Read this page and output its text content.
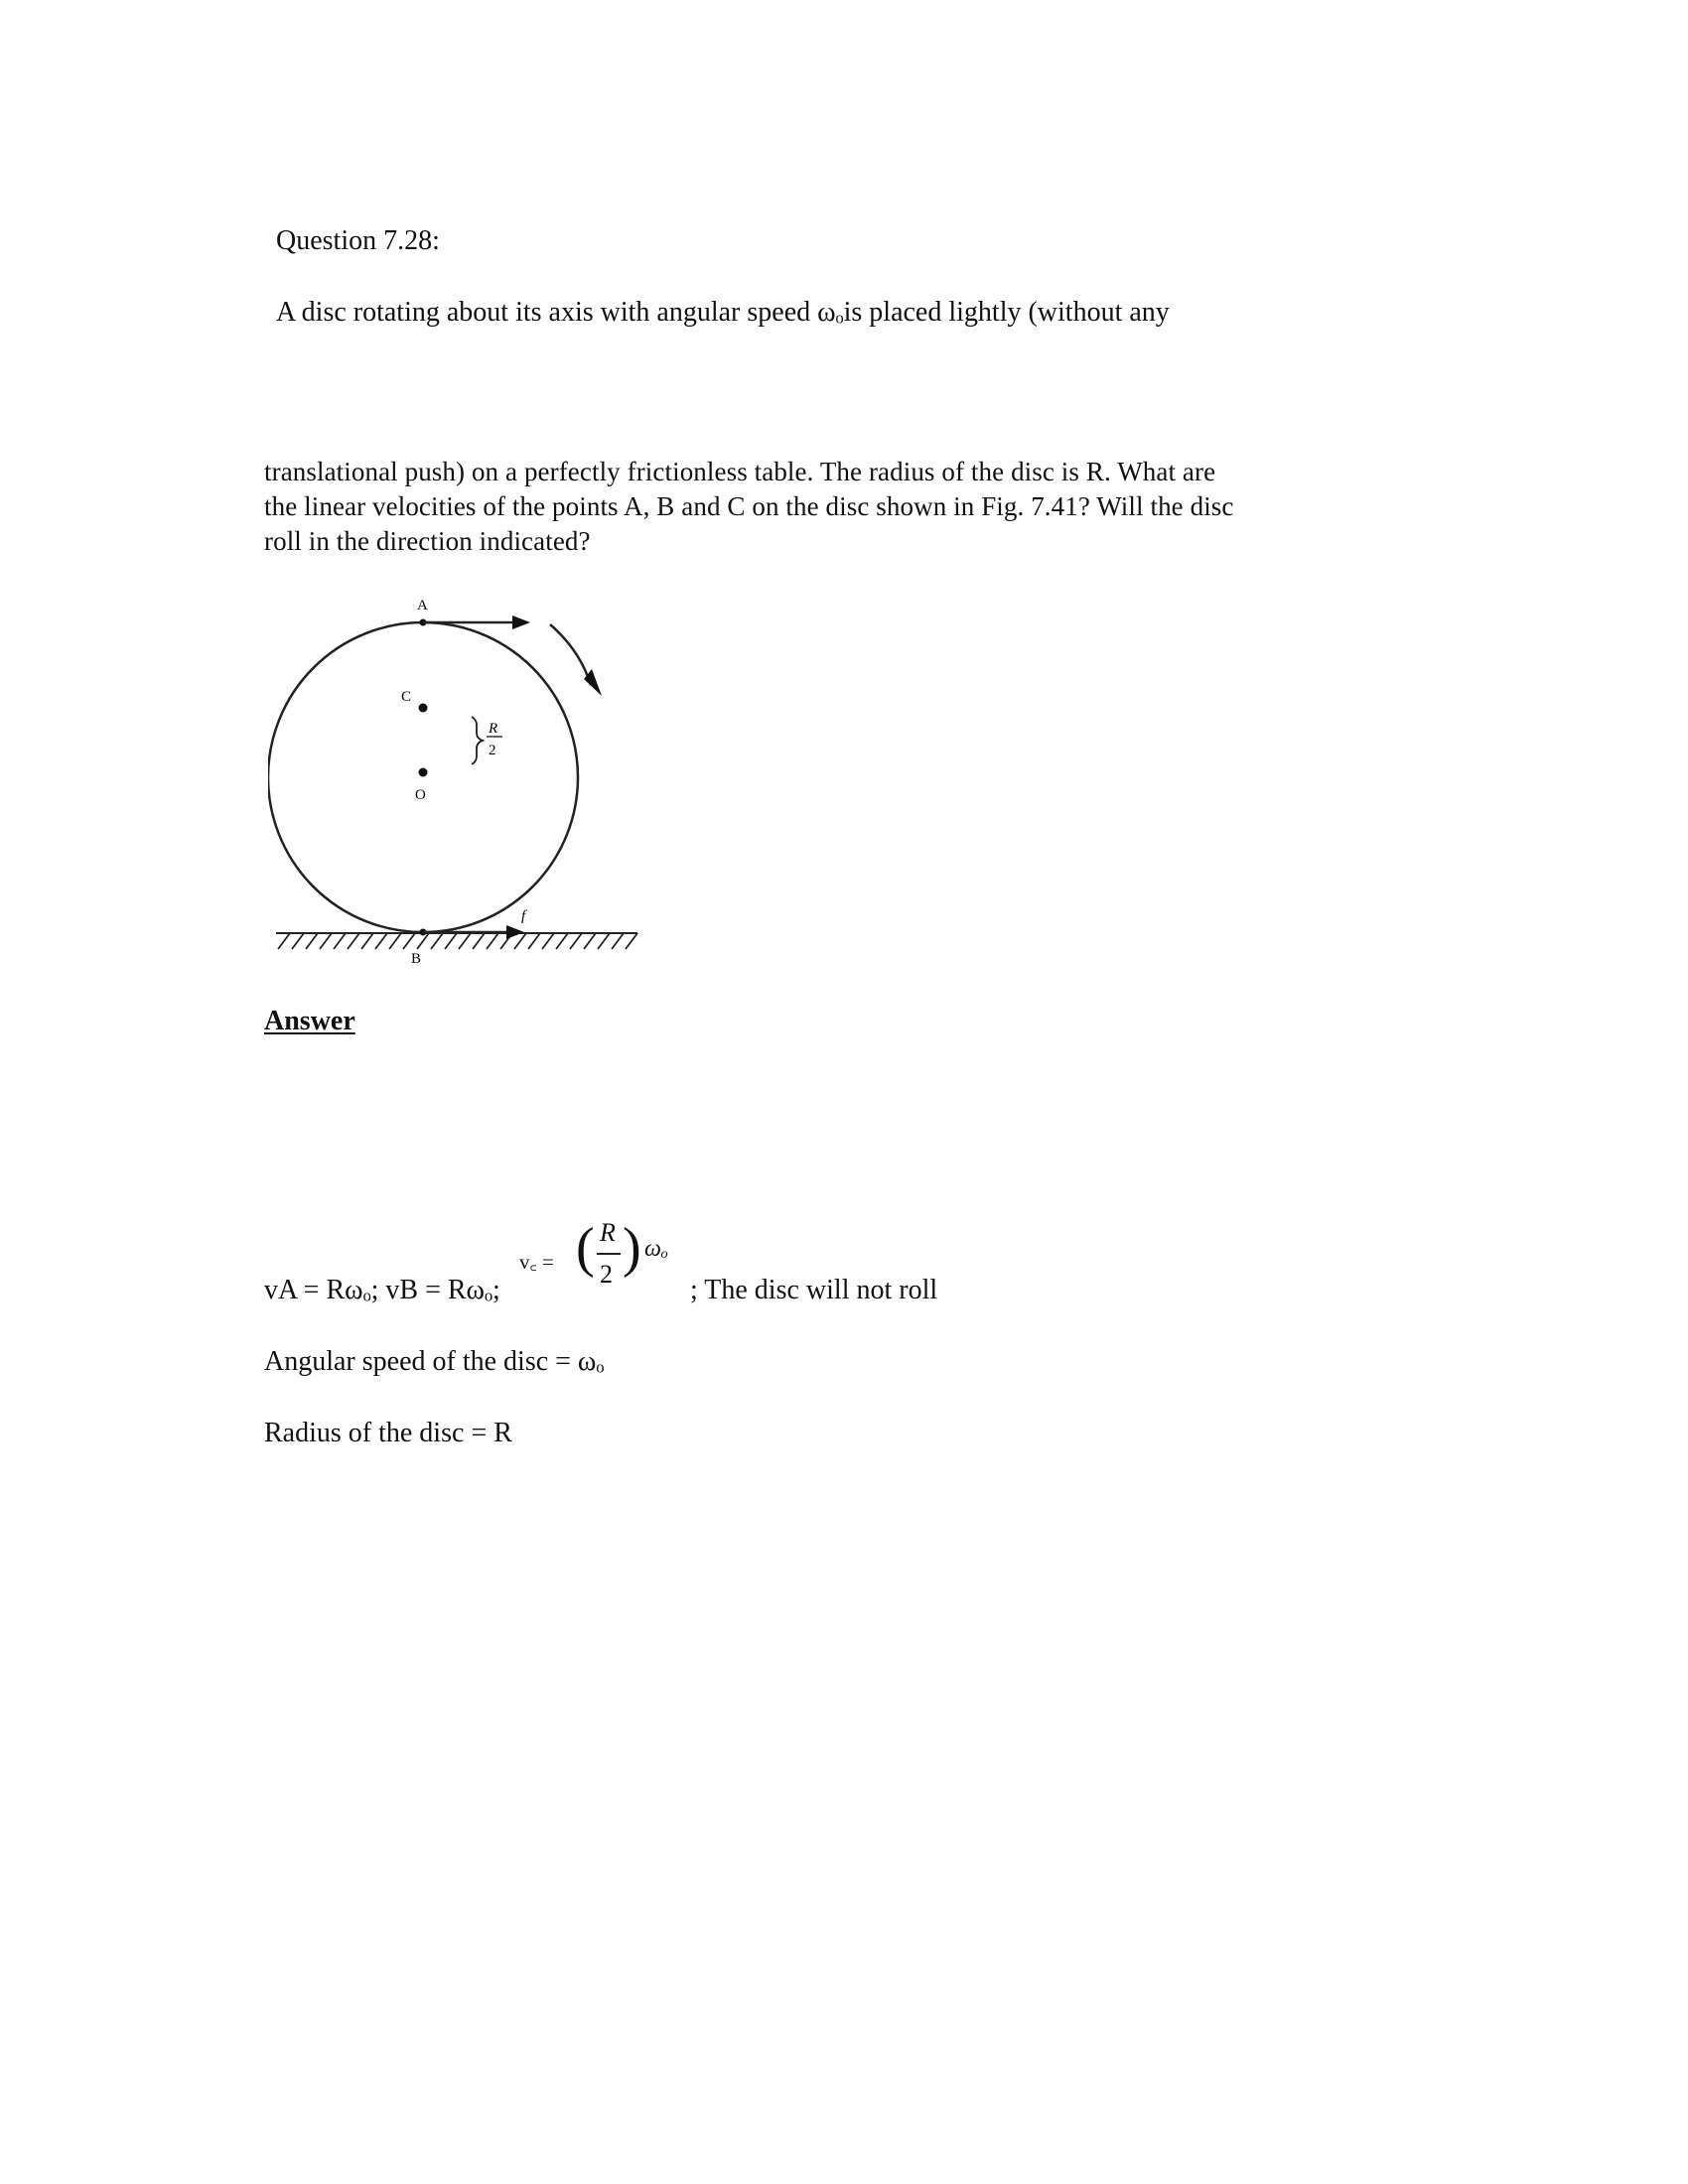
Question 7.28:
A disc rotating about its axis with angular speed ωₒis placed lightly (without any
translational push) on a perfectly frictionless table. The radius of the disc is R. What are
the linear velocities of the points A, B and C on the disc shown in Fig. 7.41? Will the disc
roll in the direction indicated?
A
C
O
B
R
2
f
Answer
vA = Rωₒ; vB = Rωₒ;
v꜀ = ( R
2 ) ωₒ
; The disc will not roll
Angular speed of the disc = ωₒ
Radius of the disc = R
